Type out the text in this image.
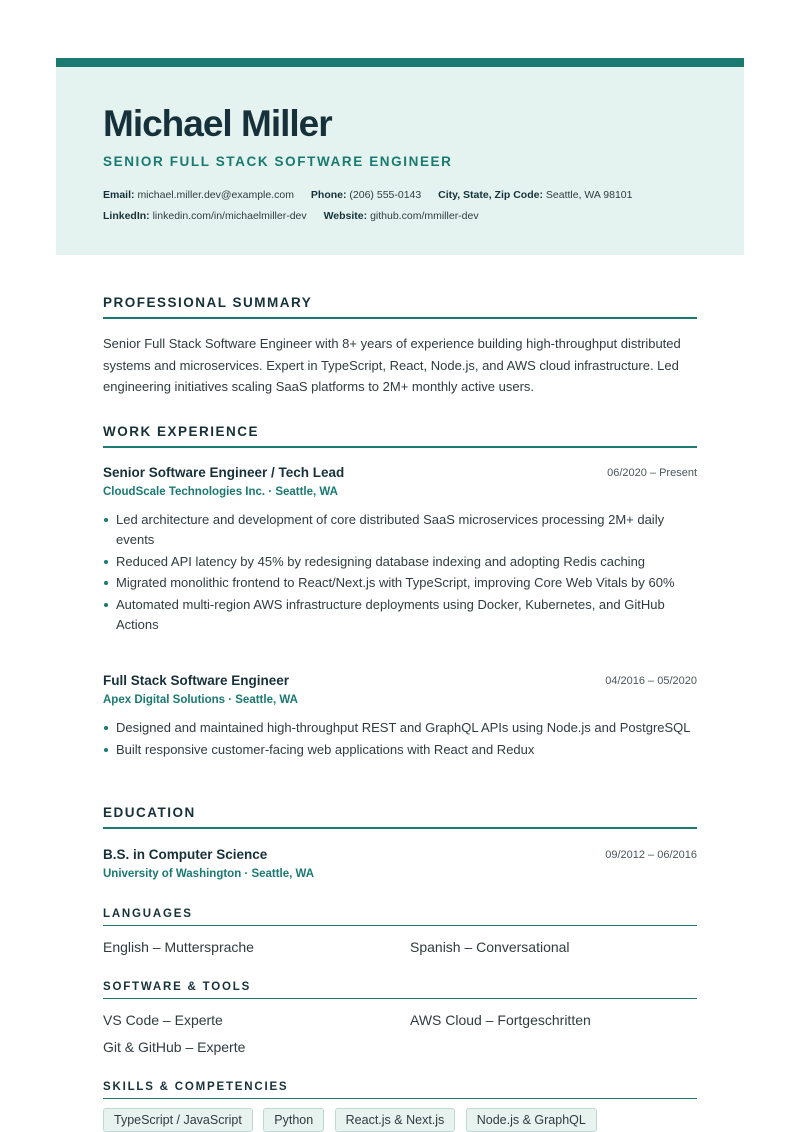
Michael Miller
SENIOR FULL STACK SOFTWARE ENGINEER
Email: michael.miller.dev@example.com Phone: (206) 555-0143 City, State, Zip Code: Seattle, WA 98101
LinkedIn: linkedin.com/in/michaelmiller-dev Website: github.com/mmiller-dev
PROFESSIONAL SUMMARY
Senior Full Stack Software Engineer with 8+ years of experience building high-throughput distributed systems and microservices. Expert in TypeScript, React, Node.js, and AWS cloud infrastructure. Led engineering initiatives scaling SaaS platforms to 2M+ monthly active users.
WORK EXPERIENCE
Senior Software Engineer / Tech Lead	06/2020 – Present
CloudScale Technologies Inc. · Seattle, WA
Led architecture and development of core distributed SaaS microservices processing 2M+ daily events
Reduced API latency by 45% by redesigning database indexing and adopting Redis caching
Migrated monolithic frontend to React/Next.js with TypeScript, improving Core Web Vitals by 60%
Automated multi-region AWS infrastructure deployments using Docker, Kubernetes, and GitHub Actions
Full Stack Software Engineer	04/2016 – 05/2020
Apex Digital Solutions · Seattle, WA
Designed and maintained high-throughput REST and GraphQL APIs using Node.js and PostgreSQL
Built responsive customer-facing web applications with React and Redux
EDUCATION
B.S. in Computer Science	09/2012 – 06/2016
University of Washington · Seattle, WA
LANGUAGES
English – Muttersprache	Spanish – Conversational
SOFTWARE & TOOLS
VS Code – Experte	AWS Cloud – Fortgeschritten
Git & GitHub – Experte
SKILLS & COMPETENCIES
TypeScript / JavaScript	Python	React.js & Next.js	Node.js & GraphQL
